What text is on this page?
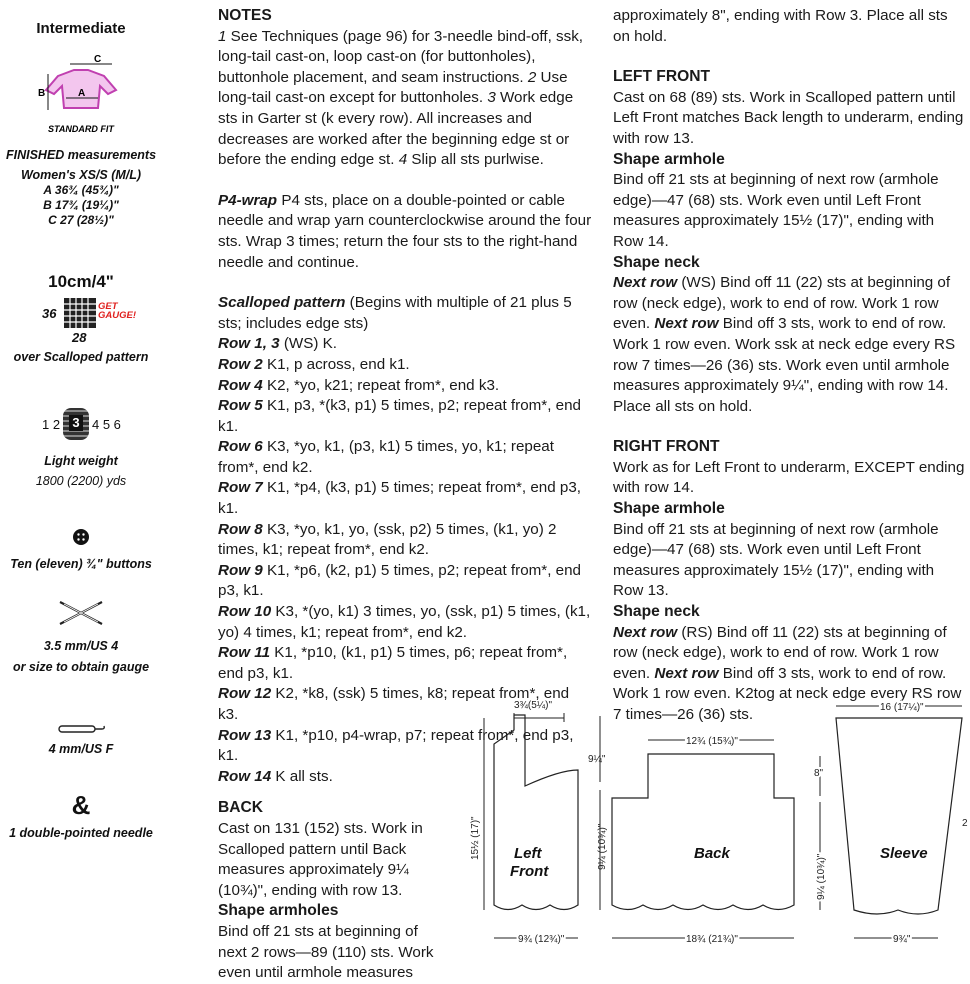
Intermediate
C
B	A
STANDARD FIT
FINISHED measurements
Women's XS/S (M/L)
A 36¾ (45¾)"
B 17¾ (19¼)"
C 27 (28½)"
10cm/4"
36	GET GAUGE!
28
over Scalloped pattern
1 2 3 4 5 6
Light weight
1800 (2200) yds
Ten (eleven) ¾" buttons
3.5 mm/US 4
or size to obtain gauge
4 mm/US F
&
1 double-pointed needle

NOTES

1 See Techniques (page 96) for 3-needle bind-off, ssk, long-tail cast-on, loop cast-on (for buttonholes), buttonhole placement, and seam instructions. 2 Use long-tail cast-on except for buttonholes. 3 Work edge sts in Garter st (k every row). All increases and decreases are worked after the beginning edge st or before the ending edge st. 4 Slip all sts purlwise.

P4-wrap P4 sts, place on a double-pointed or cable needle and wrap yarn counterclockwise around the four sts. Wrap 3 times; return the four sts to the right-hand needle and continue.

Scalloped pattern (Begins with multiple of 21 plus 5 sts; includes edge sts)

Row 1, 3 (WS) K.

Row 2 K1, p across, end k1.

Row 4 K2, *yo, k21; repeat from*, end k3.

Row 5 K1, p3, *(k3, p1) 5 times, p2; repeat from*, end k1.

Row 6 K3, *yo, k1, (p3, k1) 5 times, yo, k1; repeat from*, end k2.

Row 7 K1, *p4, (k3, p1) 5 times; repeat from*, end p3, k1.

Row 8 K3, *yo, k1, yo, (ssk, p2) 5 times, (k1, yo) 2 times, k1; repeat from*, end k2.

Row 9 K1, *p6, (k2, p1) 5 times, p2; repeat from*, end p3, k1.

Row 10 K3, *(yo, k1) 3 times, yo, (ssk, p1) 5 times, (k1, yo) 4 times, k1; repeat from*, end k2.

Row 11 K1, *p10, (k1, p1) 5 times, p6; repeat from*, end p3, k1.

Row 12 K2, *k8, (ssk) 5 times, k8; repeat from*, end k3.

Row 13 K1, *p10, p4-wrap, p7; repeat from*, end p3, k1.

Row 14 K all sts.

BACK

Cast on 131 (152) sts. Work in Scalloped pattern until Back measures approximately 9¼ (10¾)", ending with row 13.

Shape armholes

Bind off 21 sts at beginning of next 2 rows—89 (110) sts. Work even until armhole measures

approximately 8", ending with Row 3. Place all sts on hold.

LEFT FRONT

Cast on 68 (89) sts. Work in Scalloped pattern until Left Front matches Back length to underarm, ending with row 13.

Shape armhole

Bind off 21 sts at beginning of next row (armhole edge)—47 (68) sts. Work even until Left Front measures approximately 15½ (17)", ending with Row 14.

Shape neck

Next row (WS) Bind off 11 (22) sts at beginning of row (neck edge), work to end of row. Work 1 row even. Next row Bind off 3 sts, work to end of row. Work 1 row even. Work ssk at neck edge every RS row 7 times—26 (36) sts. Work even until armhole measures approximately 9¼", ending with row 14. Place all sts on hold.

RIGHT FRONT

Work as for Left Front to underarm, EXCEPT ending with row 14.

Shape armhole

Bind off 21 sts at beginning of next row (armhole edge)—47 (68) sts. Work even until Left Front measures approximately 15½ (17)", ending with Row 13.

Shape neck

Next row (RS) Bind off 11 (22) sts at beginning of row (neck edge), work to end of row. Work 1 row even. Next row Bind off 3 sts, work to end of row. Work 1 row even. K2tog at neck edge every RS row 7 times—26 (36) sts.

3¾(5¼)"
9¼"
9¼ (10¾)"
15½ (17)"
9¾ (12¾)"
12¾ (15¾)"
8"
9¼ (10¾)"
18¾ (21¾)"
16 (17¼)"
2
9¾"
Left
Front
Back	Sleeve
